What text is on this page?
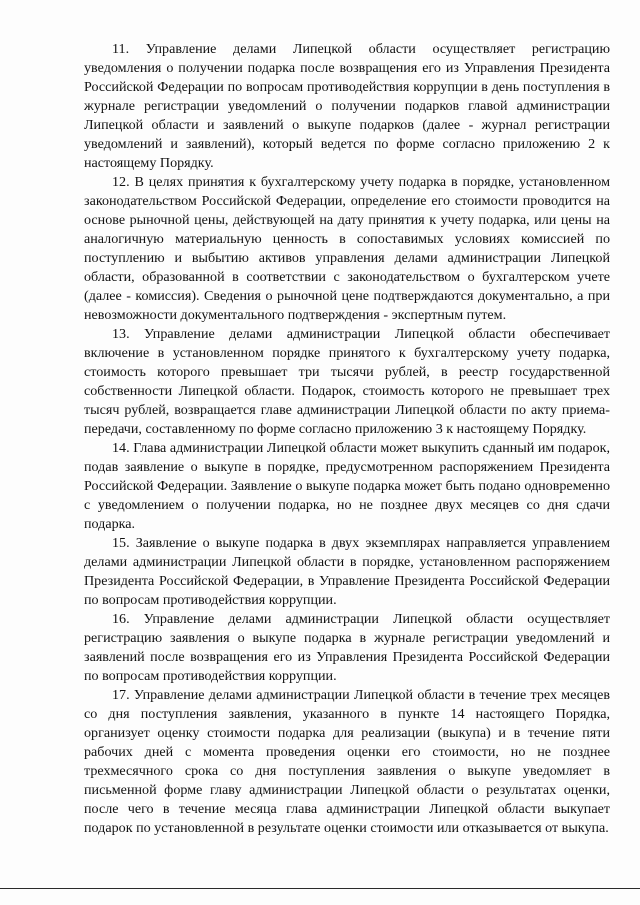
11. Управление делами Липецкой области осуществляет регистрацию уведомления о получении подарка после возвращения его из Управления Президента Российской Федерации по вопросам противодействия коррупции в день поступления в журнале регистрации уведомлений о получении подарков главой администрации Липецкой области и заявлений о выкупе подарков (далее - журнал регистрации уведомлений и заявлений), который ведется по форме согласно приложению 2 к настоящему Порядку.

12. В целях принятия к бухгалтерскому учету подарка в порядке, установленном законодательством Российской Федерации, определение его стоимости проводится на основе рыночной цены, действующей на дату принятия к учету подарка, или цены на аналогичную материальную ценность в сопоставимых условиях комиссией по поступлению и выбытию активов управления делами администрации Липецкой области, образованной в соответствии с законодательством о бухгалтерском учете (далее - комиссия). Сведения о рыночной цене подтверждаются документально, а при невозможности документального подтверждения - экспертным путем.

13. Управление делами администрации Липецкой области обеспечивает включение в установленном порядке принятого к бухгалтерскому учету подарка, стоимость которого превышает три тысячи рублей, в реестр государственной собственности Липецкой области. Подарок, стоимость которого не превышает трех тысяч рублей, возвращается главе администрации Липецкой области по акту приема-передачи, составленному по форме согласно приложению 3 к настоящему Порядку.

14. Глава администрации Липецкой области может выкупить сданный им подарок, подав заявление о выкупе в порядке, предусмотренном распоряжением Президента Российской Федерации. Заявление о выкупе подарка может быть подано одновременно с уведомлением о получении подарка, но не позднее двух месяцев со дня сдачи подарка.

15. Заявление о выкупе подарка в двух экземплярах направляется управлением делами администрации Липецкой области в порядке, установленном распоряжением Президента Российской Федерации, в Управление Президента Российской Федерации по вопросам противодействия коррупции.

16. Управление делами администрации Липецкой области осуществляет регистрацию заявления о выкупе подарка в журнале регистрации уведомлений и заявлений после возвращения его из Управления Президента Российской Федерации по вопросам противодействия коррупции.

17. Управление делами администрации Липецкой области в течение трех месяцев со дня поступления заявления, указанного в пункте 14 настоящего Порядка, организует оценку стоимости подарка для реализации (выкупа) и в течение пяти рабочих дней с момента проведения оценки его стоимости, но не позднее трехмесячного срока со дня поступления заявления о выкупе уведомляет в письменной форме главу администрации Липецкой области о результатах оценки, после чего в течение месяца глава администрации Липецкой области выкупает подарок по установленной в результате оценки стоимости или отказывается от выкупа.
